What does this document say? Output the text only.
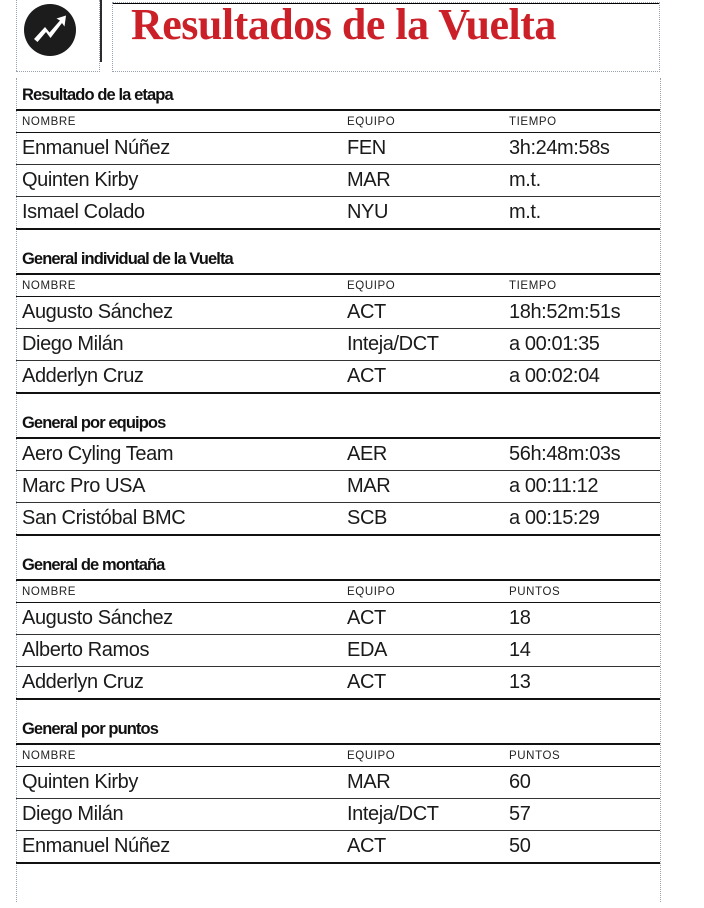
Resultados de la Vuelta
Resultado de la etapa
NOMBRE	EQUIPO	TIEMPO
Enmanuel Núñez	FEN	3h:24m:58s
Quinten Kirby	MAR	m.t.
Ismael Colado	NYU	m.t.
General individual de la Vuelta
NOMBRE	EQUIPO	TIEMPO
Augusto Sánchez	ACT	18h:52m:51s
Diego Milán	Inteja/DCT	a 00:01:35
Adderlyn Cruz	ACT	a 00:02:04
General por equipos
Aero Cyling Team	AER	56h:48m:03s
Marc Pro USA	MAR	a 00:11:12
San Cristóbal BMC	SCB	a 00:15:29
General de montaña
NOMBRE	EQUIPO	PUNTOS
Augusto Sánchez	ACT	18
Alberto Ramos	EDA	14
Adderlyn Cruz	ACT	13
General por puntos
NOMBRE	EQUIPO	PUNTOS
Quinten Kirby	MAR	60
Diego Milán	Inteja/DCT	57
Enmanuel Núñez	ACT	50
